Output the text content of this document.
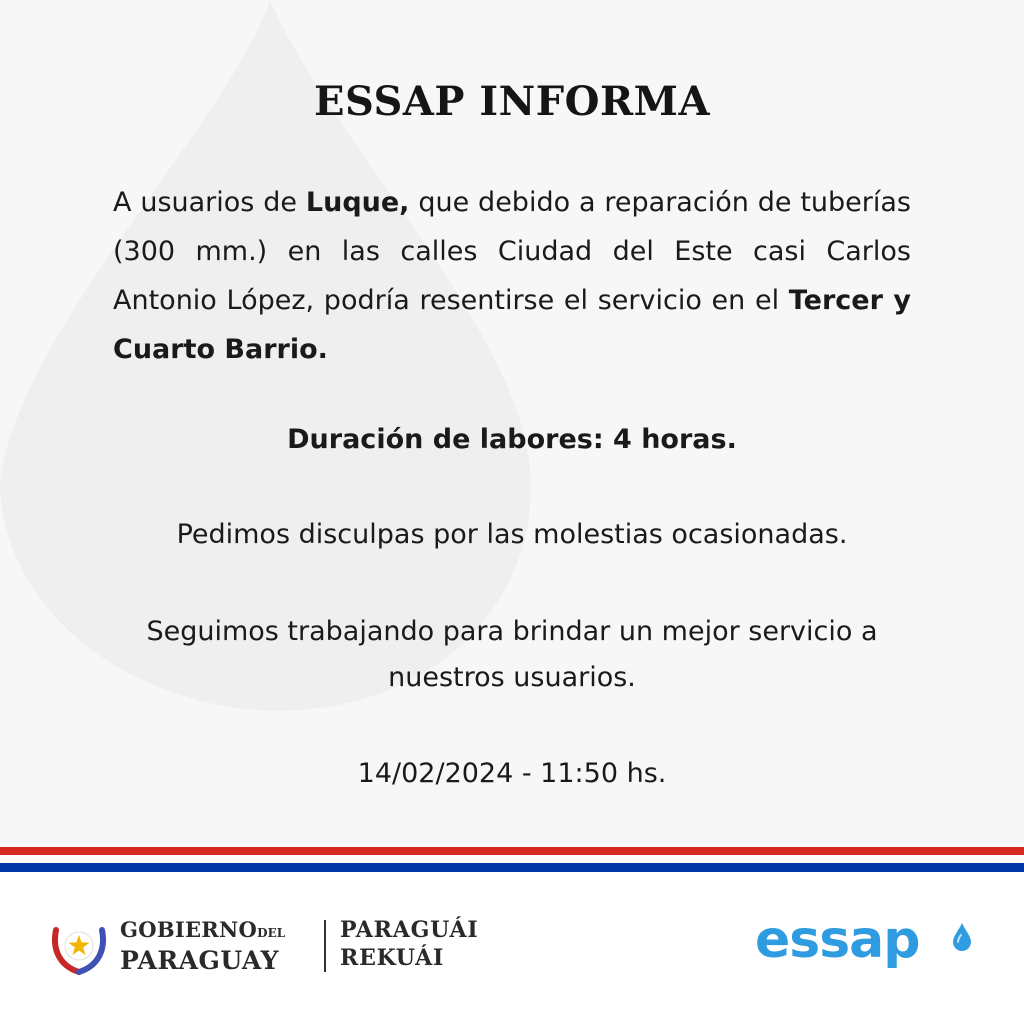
ESSAP INFORMA
A usuarios de Luque, que debido a reparación de tuberías (300 mm.) en las calles Ciudad del Este casi Carlos Antonio López, podría resentirse el servicio en el Tercer y Cuarto Barrio.
Duración de labores: 4 horas.
Pedimos disculpas por las molestias ocasionadas.
Seguimos trabajando para brindar un mejor servicio a nuestros usuarios.
14/02/2024 - 11:50 hs.
GOBIERNODEL
PARAGUAY
PARAGUÁI
REKUÁI	essap
